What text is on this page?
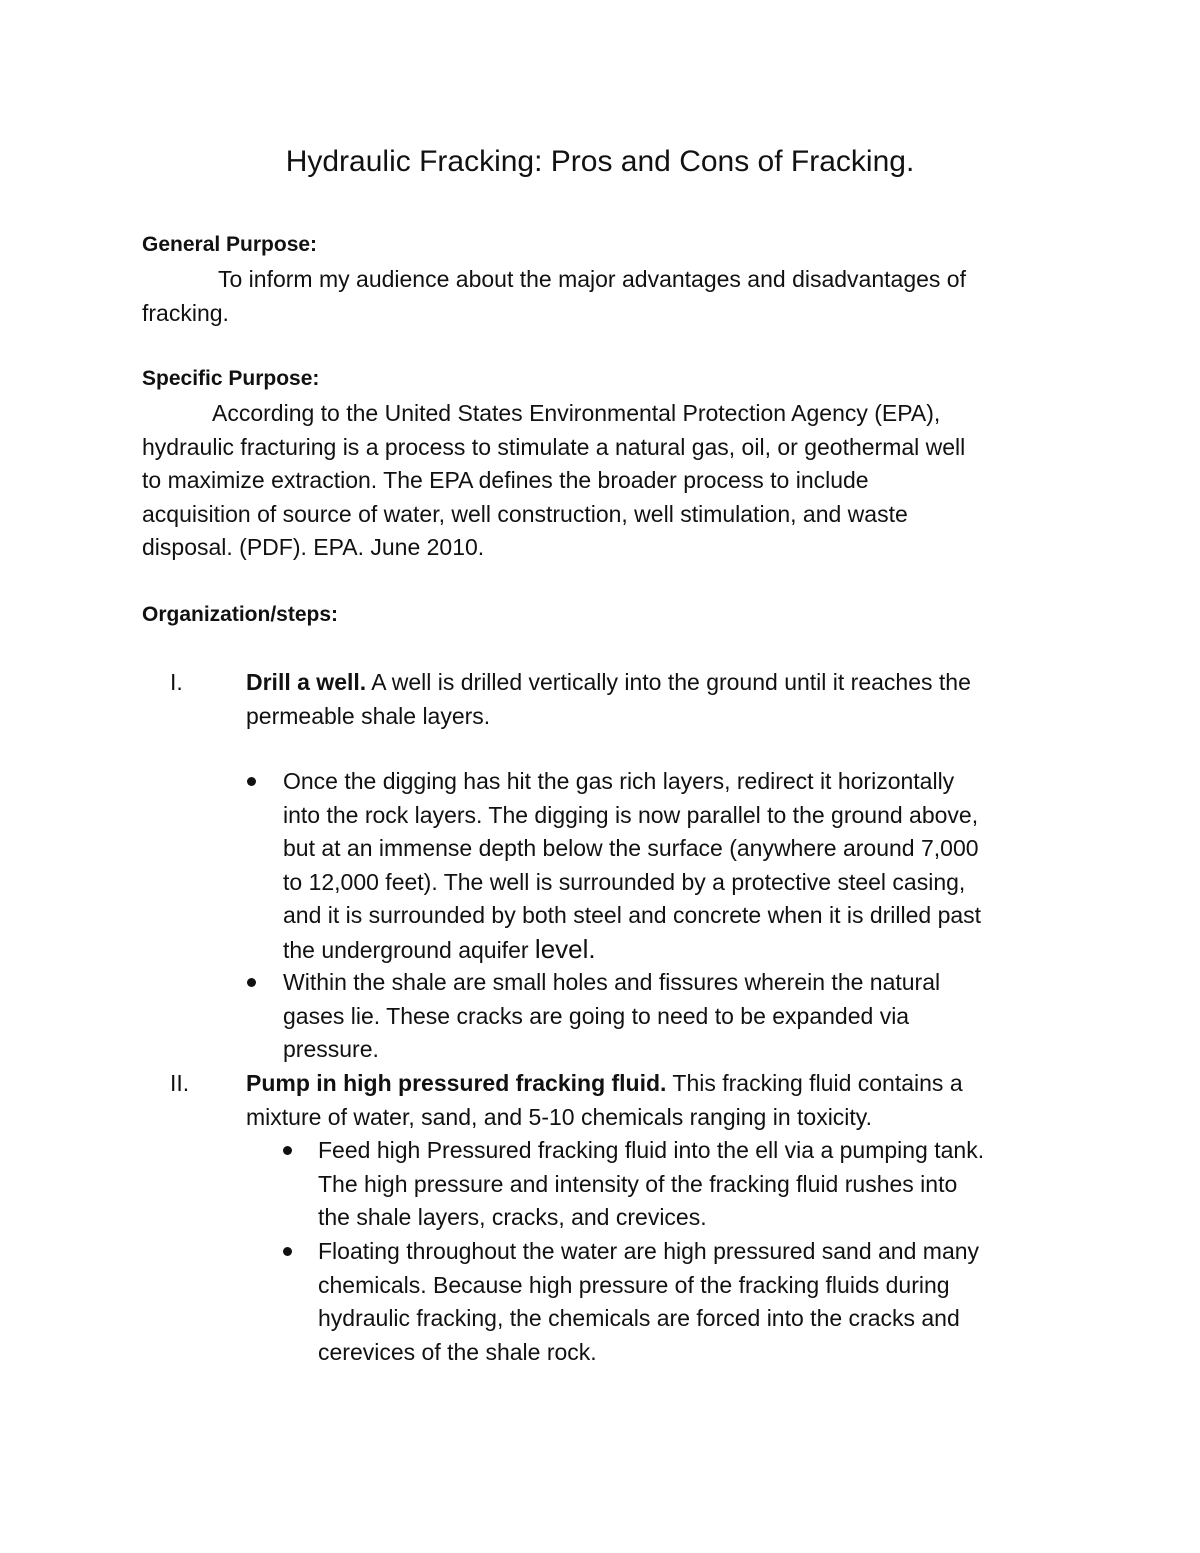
Hydraulic Fracking: Pros and Cons of Fracking.
General Purpose:
To inform my audience about the major advantages and disadvantages of
fracking.
Specific Purpose:
According to the United States Environmental Protection Agency (EPA),
hydraulic fracturing is a process to stimulate a natural gas, oil, or geothermal well
to maximize extraction. The EPA defines the broader process to include
acquisition of source of water, well construction, well stimulation, and waste
disposal. (PDF). EPA. June 2010.
Organization/steps:
I.	Drill a well. A well is drilled vertically into the ground until it reaches the
permeable shale layers.
Once the digging has hit the gas rich layers, redirect it horizontally
into the rock layers. The digging is now parallel to the ground above,
but at an immense depth below the surface (anywhere around 7,000
to 12,000 feet). The well is surrounded by a protective steel casing,
and it is surrounded by both steel and concrete when it is drilled past
the underground aquifer level.
Within the shale are small holes and fissures wherein the natural
gases lie. These cracks are going to need to be expanded via
pressure.
II. Pump in high pressured fracking fluid. This fracking fluid contains a
mixture of water, sand, and 5-10 chemicals ranging in toxicity.
Feed high Pressured fracking fluid into the ell via a pumping tank.
The high pressure and intensity of the fracking fluid rushes into
the shale layers, cracks, and crevices.
Floating throughout the water are high pressured sand and many
chemicals. Because high pressure of the fracking fluids during
hydraulic fracking, the chemicals are forced into the cracks and
cerevices of the shale rock.
